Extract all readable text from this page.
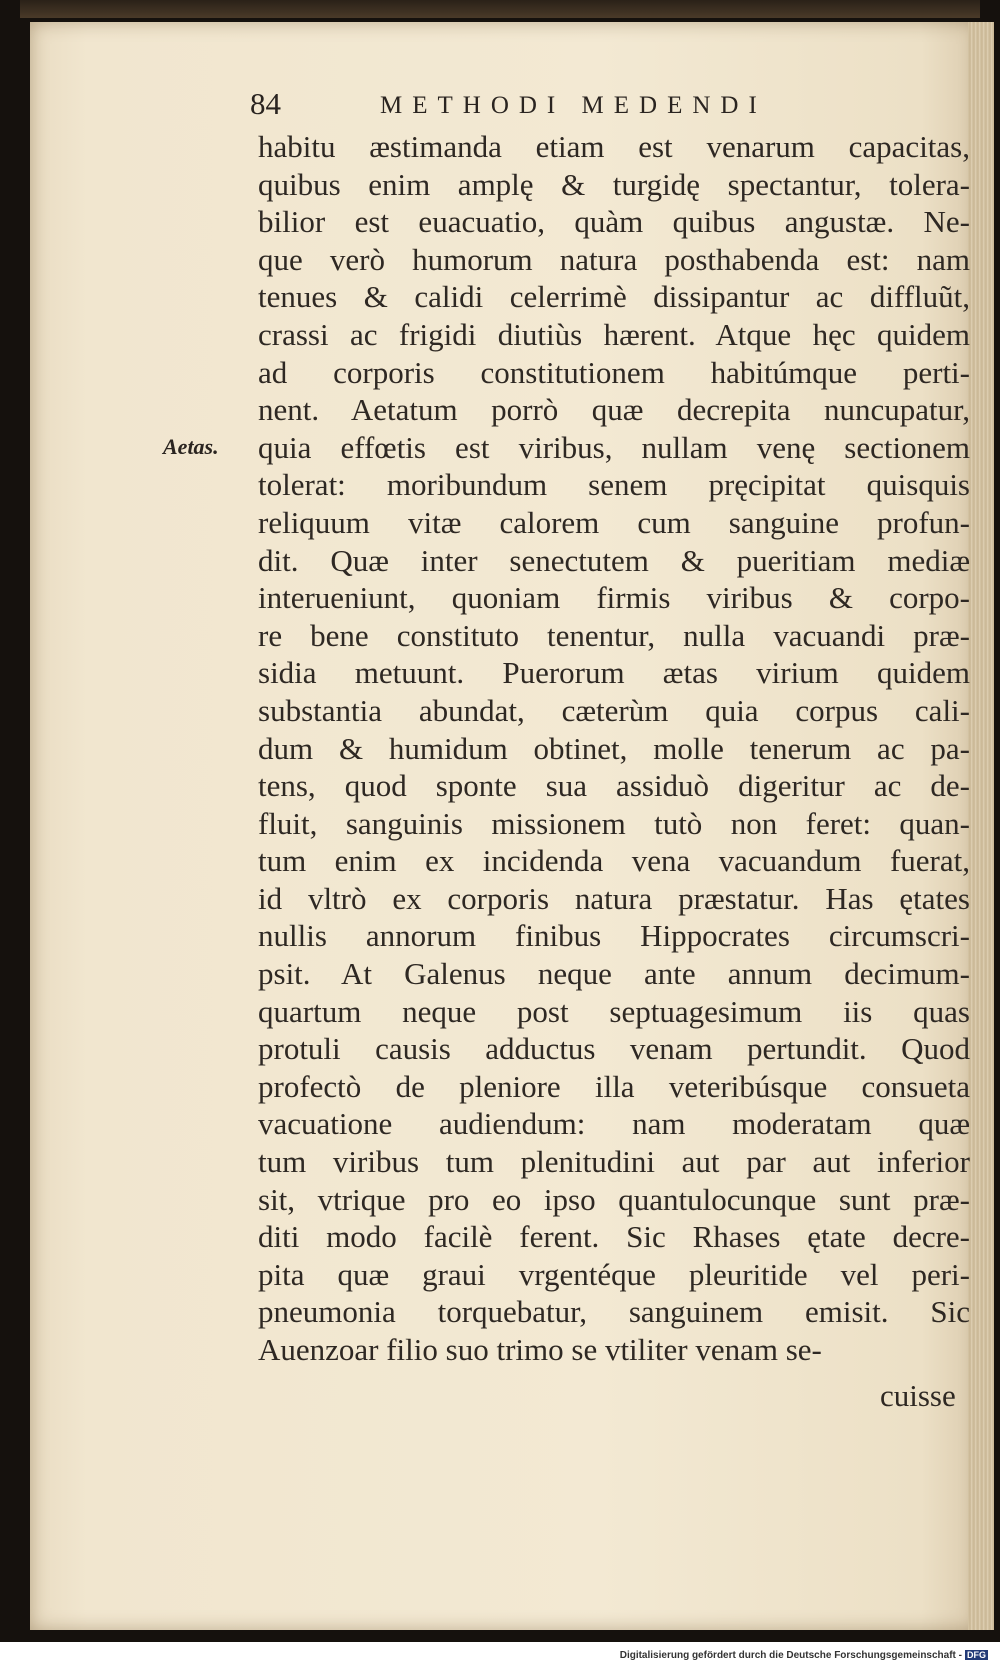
84	METHODI MEDENDI
Aetas.
habitu æstimanda etiam est venarum capacitas,
quibus enim amplę & turgidę spectantur, tolera-
bilior est euacuatio, quàm quibus angustæ. Ne-
que verò humorum natura posthabenda est: nam
tenues & calidi celerrimè dissipantur ac diffluũt,
crassi ac frigidi diutiùs hærent. Atque hęc quidem
ad corporis constitutionem habitúmque perti-
nent. Aetatum porrò quæ decrepita nuncupatur,
quia effœtis est viribus, nullam venę sectionem
tolerat: moribundum senem pręcipitat quisquis
reliquum vitæ calorem cum sanguine profun-
dit. Quæ inter senectutem & pueritiam mediæ
interueniunt, quoniam firmis viribus & corpo-
re bene constituto tenentur, nulla vacuandi præ-
sidia metuunt. Puerorum ætas virium quidem
substantia abundat, cæterùm quia corpus cali-
dum & humidum obtinet, molle tenerum ac pa-
tens, quod sponte sua assiduò digeritur ac de-
fluit, sanguinis missionem tutò non feret: quan-
tum enim ex incidenda vena vacuandum fuerat,
id vltrò ex corporis natura præstatur. Has ętates
nullis annorum finibus Hippocrates circumscri-
psit. At Galenus neque ante annum decimum-
quartum neque post septuagesimum iis quas
protuli causis adductus venam pertundit. Quod
profectò de pleniore illa veteribúsque consueta
vacuatione audiendum: nam moderatam quæ
tum viribus tum plenitudini aut par aut inferior
sit, vtrique pro eo ipso quantulocunque sunt præ-
diti modo facilè ferent. Sic Rhases ętate decre-
pita quæ graui vrgentéque pleuritide vel peri-
pneumonia torquebatur, sanguinem emisit. Sic
Auenzoar filio suo trimo se vtiliter venam se-
cuisse
Digitalisierung gefördert durch die Deutsche Forschungsgemeinschaft - DFG
